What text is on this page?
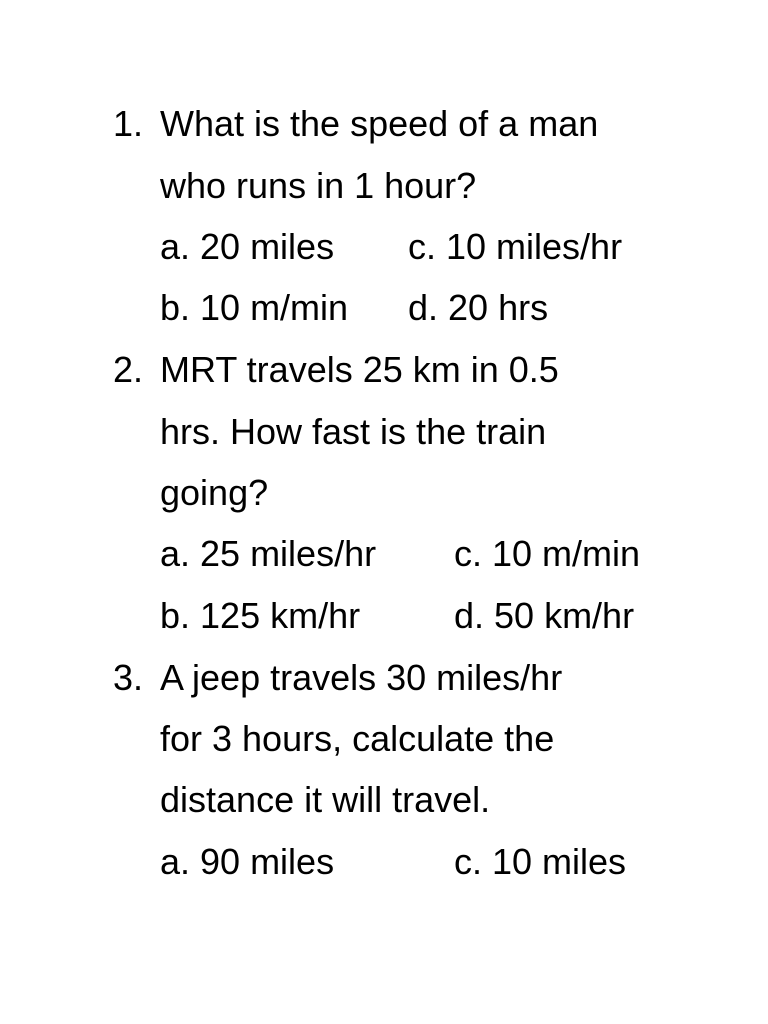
1. What is the speed of a man
who runs in 1 hour?
a. 20 miles c. 10 miles/hr
b. 10 m/min d. 20 hrs
2. MRT travels 25 km in 0.5
hrs. How fast is the train
going?
a. 25 miles/hr c. 10 m/min
b. 125 km/hr	d. 50 km/hr
3. A jeep travels 30 miles/hr
for 3 hours, calculate the
distance it will travel.
a. 90 miles	c. 10 miles
